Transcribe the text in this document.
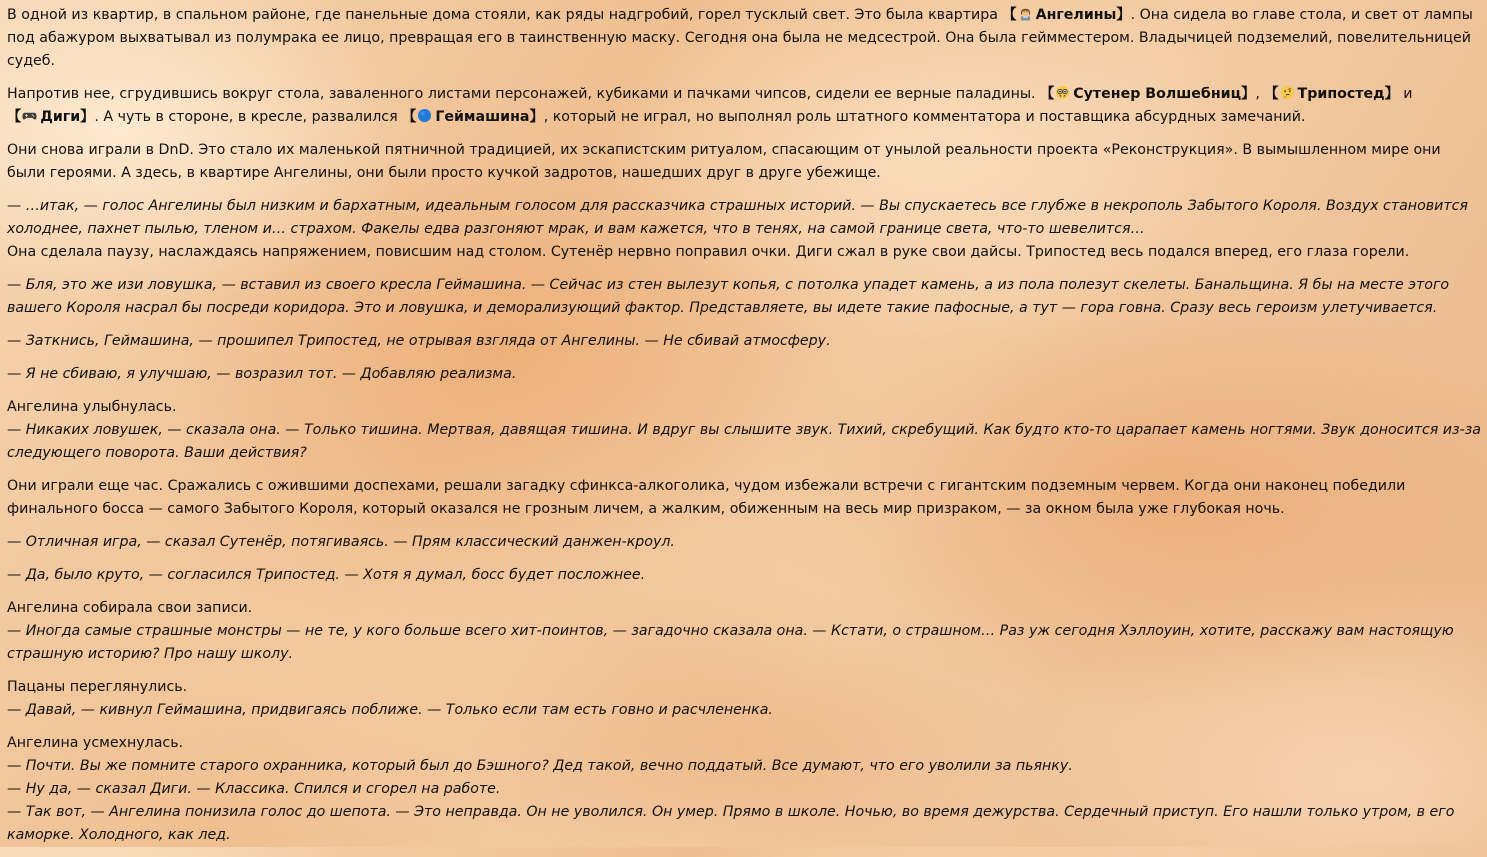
В одной из квартир, в спальном районе, где панельные дома стояли, как ряды надгробий, горел тусклый свет. Это была квартира 【 Ангелины】. Она сидела во главе стола, и свет от лампы под абажуром выхватывал из полумрака ее лицо, превращая его в таинственную маску. Сегодня она была не медсестрой. Она была геймместером. Владычицей подземелий, повелительницей судеб.

Напротив нее, сгрудившись вокруг стола, заваленного листами персонажей, кубиками и пачками чипсов, сидели ее верные паладины. 【 Сутенер Волшебниц】, 【 Трипостед】 и 【 Диги】. А чуть в стороне, в кресле, развалился 【 Геймашина】, который не играл, но выполнял роль штатного комментатора и поставщика абсурдных замечаний.

Они снова играли в DnD. Это стало их маленькой пятничной традицией, их эскапистским ритуалом, спасающим от унылой реальности проекта «Реконструкция». В вымышленном мире они были героями. А здесь, в квартире Ангелины, они были просто кучкой задротов, нашедших друг в друге убежище.

— …итак, — голос Ангелины был низким и бархатным, идеальным голосом для рассказчика страшных историй. — Вы спускаетесь все глубже в некрополь Забытого Короля. Воздух становится холоднее, пахнет пылью, тленом и… страхом. Факелы едва разгоняют мрак, и вам кажется, что в тенях, на самой границе света, что-то шевелится…
Она сделала паузу, наслаждаясь напряжением, повисшим над столом. Сутенёр нервно поправил очки. Диги сжал в руке свои дайсы. Трипостед весь подался вперед, его глаза горели.

— Бля, это же изи ловушка, — вставил из своего кресла Геймашина. — Сейчас из стен вылезут копья, с потолка упадет камень, а из пола полезут скелеты. Банальщина. Я бы на месте этого вашего Короля насрал бы посреди коридора. Это и ловушка, и деморализующий фактор. Представляете, вы идете такие пафосные, а тут — гора говна. Сразу весь героизм улетучивается.

— Заткнись, Геймашина, — прошипел Трипостед, не отрывая взгляда от Ангелины. — Не сбивай атмосферу.

— Я не сбиваю, я улучшаю, — возразил тот. — Добавляю реализма.

Ангелина улыбнулась.
— Никаких ловушек, — сказала она. — Только тишина. Мертвая, давящая тишина. И вдруг вы слышите звук. Тихий, скребущий. Как будто кто-то царапает камень ногтями. Звук доносится из-за следующего поворота. Ваши действия?

Они играли еще час. Сражались с ожившими доспехами, решали загадку сфинкса-алкоголика, чудом избежали встречи с гигантским подземным червем. Когда они наконец победили финального босса — самого Забытого Короля, который оказался не грозным личем, а жалким, обиженным на весь мир призраком, — за окном была уже глубокая ночь.

— Отличная игра, — сказал Сутенёр, потягиваясь. — Прям классический данжен-кроул.

— Да, было круто, — согласился Трипостед. — Хотя я думал, босс будет посложнее.

Ангелина собирала свои записи.
— Иногда самые страшные монстры — не те, у кого больше всего хит-поинтов, — загадочно сказала она. — Кстати, о страшном… Раз уж сегодня Хэллоуин, хотите, расскажу вам настоящую страшную историю? Про нашу школу.

Пацаны переглянулись.
— Давай, — кивнул Геймашина, придвигаясь поближе. — Только если там есть говно и расчлененка.

Ангелина усмехнулась.
— Почти. Вы же помните старого охранника, который был до Бэшного? Дед такой, вечно поддатый. Все думают, что его уволили за пьянку.
— Ну да, — сказал Диги. — Классика. Спился и сгорел на работе.
— Так вот, — Ангелина понизила голос до шепота. — Это неправда. Он не уволился. Он умер. Прямо в школе. Ночью, во время дежурства. Сердечный приступ. Его нашли только утром, в его каморке. Холодного, как лед.
